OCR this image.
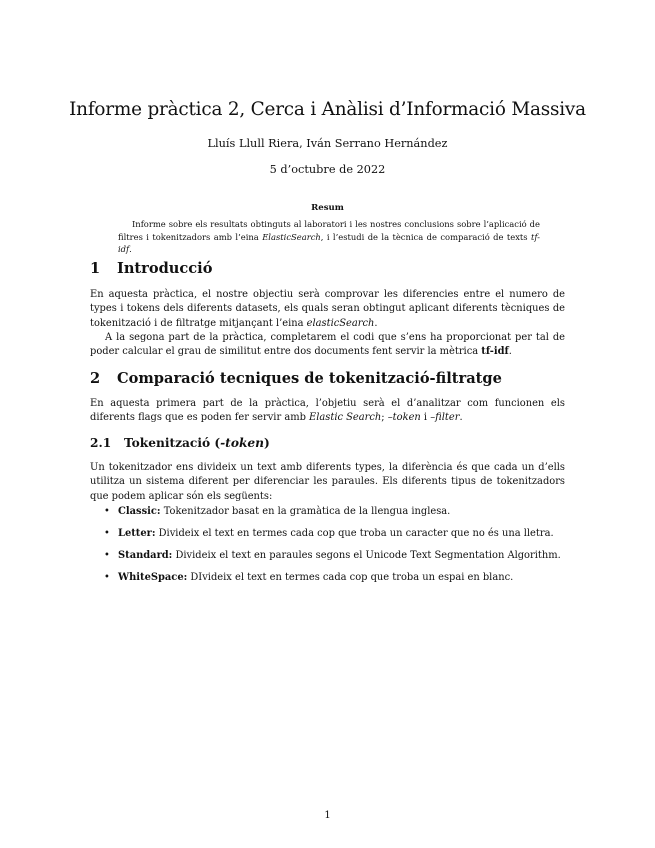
Informe pràctica 2, Cerca i Anàlisi d’Informació Massiva
Lluís Llull Riera, Iván Serrano Hernández
5 d’octubre de 2022
Resum
Informe sobre els resultats obtinguts al laboratori i les nostres conclusions sobre l’aplicació de filtres i tokenitzadors amb l’eina ElasticSearch, i l’estudi de la tècnica de comparació de texts tf-idf.
1 Introducció
En aquesta pràctica, el nostre objectiu serà comprovar les diferencies entre el numero de types i tokens dels diferents datasets, els quals seran obtingut aplicant diferents tècniques de tokenització i de filtratge mitjançant l’eina elasticSearch.
A la segona part de la pràctica, completarem el codi que s’ens ha proporcionat per tal de poder calcular el grau de similitut entre dos documents fent servir la mètrica tf-idf.
2 Comparació tecniques de tokenització-filtratge
En aquesta primera part de la pràctica, l’objetiu serà el d’analitzar com funcionen els diferents flags que es poden fer servir amb Elastic Search; –token i –filter.
2.1 Tokenització (-token)
Un tokenitzador ens divideix un text amb diferents types, la diferència és que cada un d’ells utilitza un sistema diferent per diferenciar les paraules. Els diferents tipus de tokenitzadors que podem aplicar són els següents:
• Classic: Tokenitzador basat en la gramàtica de la llengua inglesa.
• Letter: Divideix el text en termes cada cop que troba un caracter que no és una lletra.
• Standard: Divideix el text en paraules segons el Unicode Text Segmentation Algorithm.
• WhiteSpace: DIvideix el text en termes cada cop que troba un espai en blanc.
1
